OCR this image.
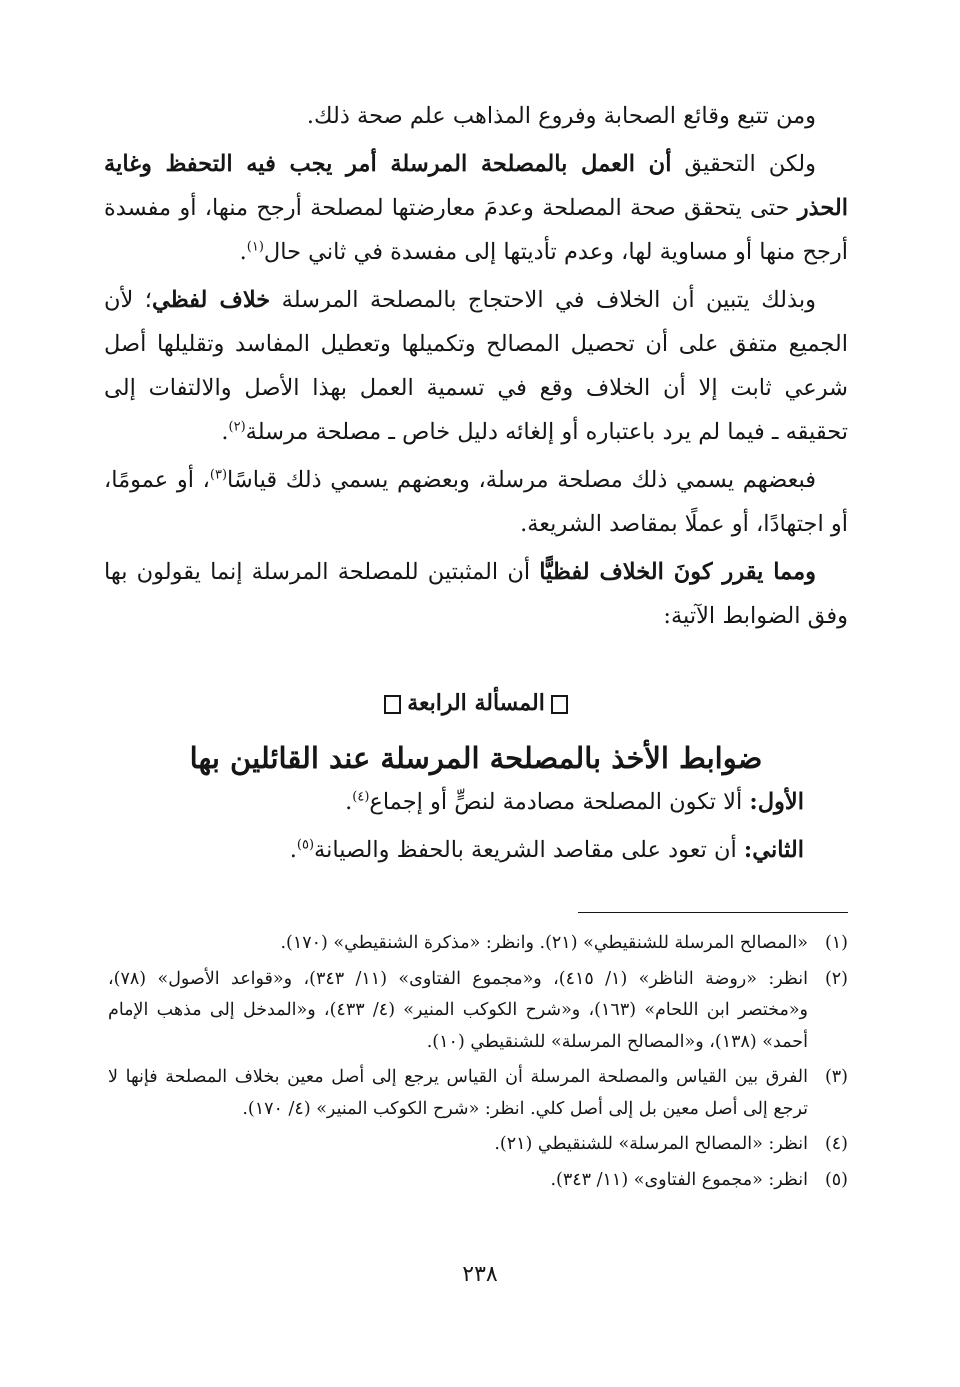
ومن تتبع وقائع الصحابة وفروع المذاهب علم صحة ذلك.

ولكن التحقيق أن العمل بالمصلحة المرسلة أمر يجب فيه التحفظ وغاية الحذر حتى يتحقق صحة المصلحة وعدمَ معارضتها لمصلحة أرجح منها، أو مفسدة أرجح منها أو مساوية لها، وعدم تأديتها إلى مفسدة في ثاني حال$^{(١)}$.

وبذلك يتبين أن الخلاف في الاحتجاج بالمصلحة المرسلة خلاف لفظي؛ لأن الجميع متفق على أن تحصيل المصالح وتكميلها وتعطيل المفاسد وتقليلها أصل شرعي ثابت إلا أن الخلاف وقع في تسمية العمل بهذا الأصل والالتفات إلى تحقيقه ـ فيما لم يرد باعتباره أو إلغائه دليل خاص ـ مصلحة مرسلة$^{(٢)}$.

فبعضهم يسمي ذلك مصلحة مرسلة، وبعضهم يسمي ذلك قياسًا$^{(٣)}$، أو عمومًا، أو اجتهادًا، أو عملًا بمقاصد الشريعة.

ومما يقرر كونَ الخلاف لفظيًّا أن المثبتين للمصلحة المرسلة إنما يقولون بها وفق الضوابط الآتية:

المسألة الرابعة
ضوابط الأخذ بالمصلحة المرسلة عند القائلين بها
الأول: ألا تكون المصلحة مصادمة لنصٍّ أو إجماع$^{(٤)}$.
الثاني: أن تعود على مقاصد الشريعة بالحفظ والصيانة$^{(٥)}$.
(١)
«المصالح المرسلة للشنقيطي» (٢١). وانظر: «مذكرة الشنقيطي» (١٧٠).
(٢)
انظر: «روضة الناظر» (١/ ٤١٥)، و«مجموع الفتاوى» (١١/ ٣٤٣)، و«قواعد الأصول» (٧٨)، و«مختصر ابن اللحام» (١٦٣)، و«شرح الكوكب المنير» (٤/ ٤٣٣)، و«المدخل إلى مذهب الإمام أحمد» (١٣٨)، و«المصالح المرسلة» للشنقيطي (١٠).
(٣)
الفرق بين القياس والمصلحة المرسلة أن القياس يرجع إلى أصل معين بخلاف المصلحة فإنها لا ترجع إلى أصل معين بل إلى أصل كلي. انظر: «شرح الكوكب المنير» (٤/ ١٧٠).
(٤)
انظر: «المصالح المرسلة» للشنقيطي (٢١).
(٥)
انظر: «مجموع الفتاوى» (١١/ ٣٤٣).
٢٣٨
